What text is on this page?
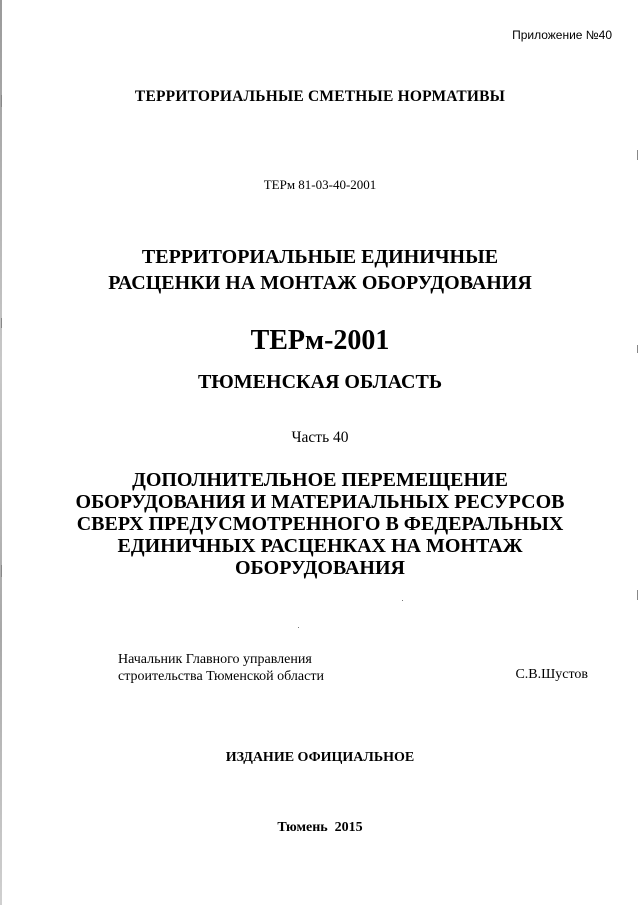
Приложение №40
ТЕРРИТОРИАЛЬНЫЕ СМЕТНЫЕ НОРМАТИВЫ
ТЕРм 81-03-40-2001
ТЕРРИТОРИАЛЬНЫЕ ЕДИНИЧНЫЕ
РАСЦЕНКИ НА МОНТАЖ ОБОРУДОВАНИЯ
ТЕРм-2001
ТЮМЕНСКАЯ ОБЛАСТЬ
Часть 40
ДОПОЛНИТЕЛЬНОЕ ПЕРЕМЕЩЕНИЕ
ОБОРУДОВАНИЯ И МАТЕРИАЛЬНЫХ РЕСУРСОВ
СВЕРХ ПРЕДУСМОТРЕННОГО В ФЕДЕРАЛЬНЫХ
ЕДИНИЧНЫХ РАСЦЕНКАХ НА МОНТАЖ
ОБОРУДОВАНИЯ
Начальник Главного управления
строительства Тюменской области	С.В.Шустов
ИЗДАНИЕ ОФИЦИАЛЬНОЕ
Тюмень  2015
